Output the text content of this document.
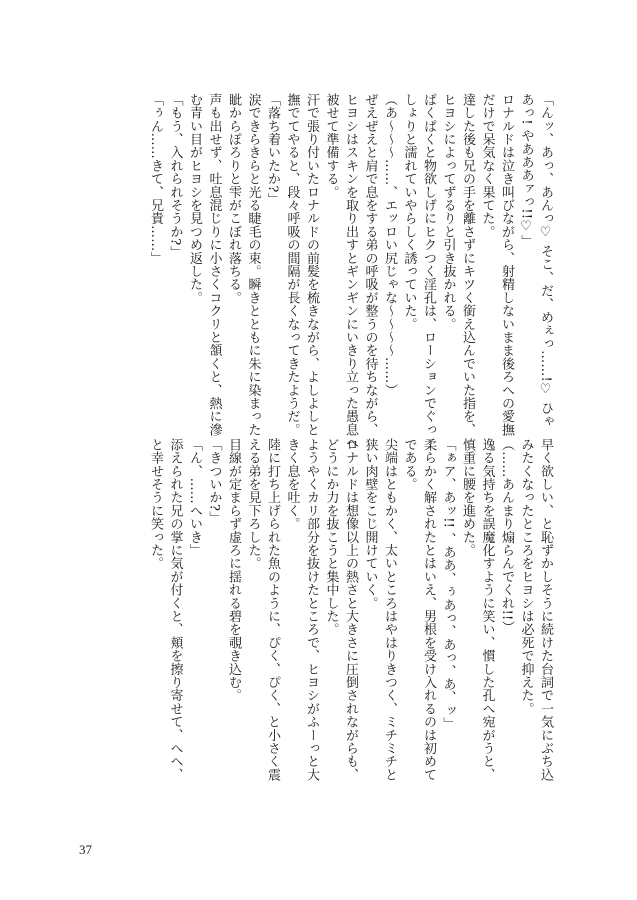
「んッ、あっ、あんっ♡ そこ、だ、めぇっ……!♡ ひゃ
あっ! やあああァっ!!♡」
ロナルドは泣き叫びながら、射精しないまま後ろへの愛撫
だけで呆気なく果てた。
達した後も兄の手を離さずにキツく銜え込んでいた指を、
ヒヨシによってずるりと引き抜かれる。
ぱくぱくと物欲しげにヒクつく淫孔は、ローションでぐっ
しょりと濡れていやらしく誘っていた。
（あ～～～……、エッロい尻じゃな～～～～……）
ぜえぜえと肩で息をする弟の呼吸が整うのを待ちながら、
ヒヨシはスキンを取り出すとギンギンにいきり立った愚息へ
被せて準備する。
汗で張り付いたロナルドの前髪を梳きながら、よしよしと
撫でてやると、段々呼吸の間隔が長くなってきたようだ。
「落ち着いたか?」
涙できらきらと光る睫毛の束。瞬きとともに朱に染まった
眦からぽろりと雫がこぼれ落ちる。
声も出せず、吐息混じりに小さくコクリと頷くと、熱に滲
む青い目がヒヨシを見つめ返した。
「もう、入れられそうか?」
「ぅん……きて、兄貴……」
早く欲しい、と恥ずかしそうに続けた台詞で一気にぶち込
みたくなったところをヒヨシは必死で抑えた。
（……あんまり煽らんでくれ!!）
逸る気持ちを誤魔化すように笑い、慣した孔へ宛がうと、
慎重に腰を進めた。
「ぁア、あッ!! 、ああ、ぅあっ、あっ、あ、ッ」
柔らかく解されたとはいえ、男根を受け入れるのは初めて
である。
尖端はともかく、太いところはやはりきつく、ミチミチと
狭い肉壁をこじ開けていく。
ロナルドは想像以上の熱さと大きさに圧倒されながらも、
どうにか力を抜こうと集中した。
ようやくカリ部分を抜けたところで、ヒヨシがふーっと大
きく息を吐く。
陸に打ち上げられた魚のように、ぴく、ぴく、と小さく震
える弟を見下ろした。
目線が定まらず虚ろに揺れる碧を覗き込む。
「きついか?」
「ん、……へいき」
添えられた兄の掌に気が付くと、頬を擦り寄せて、へへ、
と幸せそうに笑った。
37
